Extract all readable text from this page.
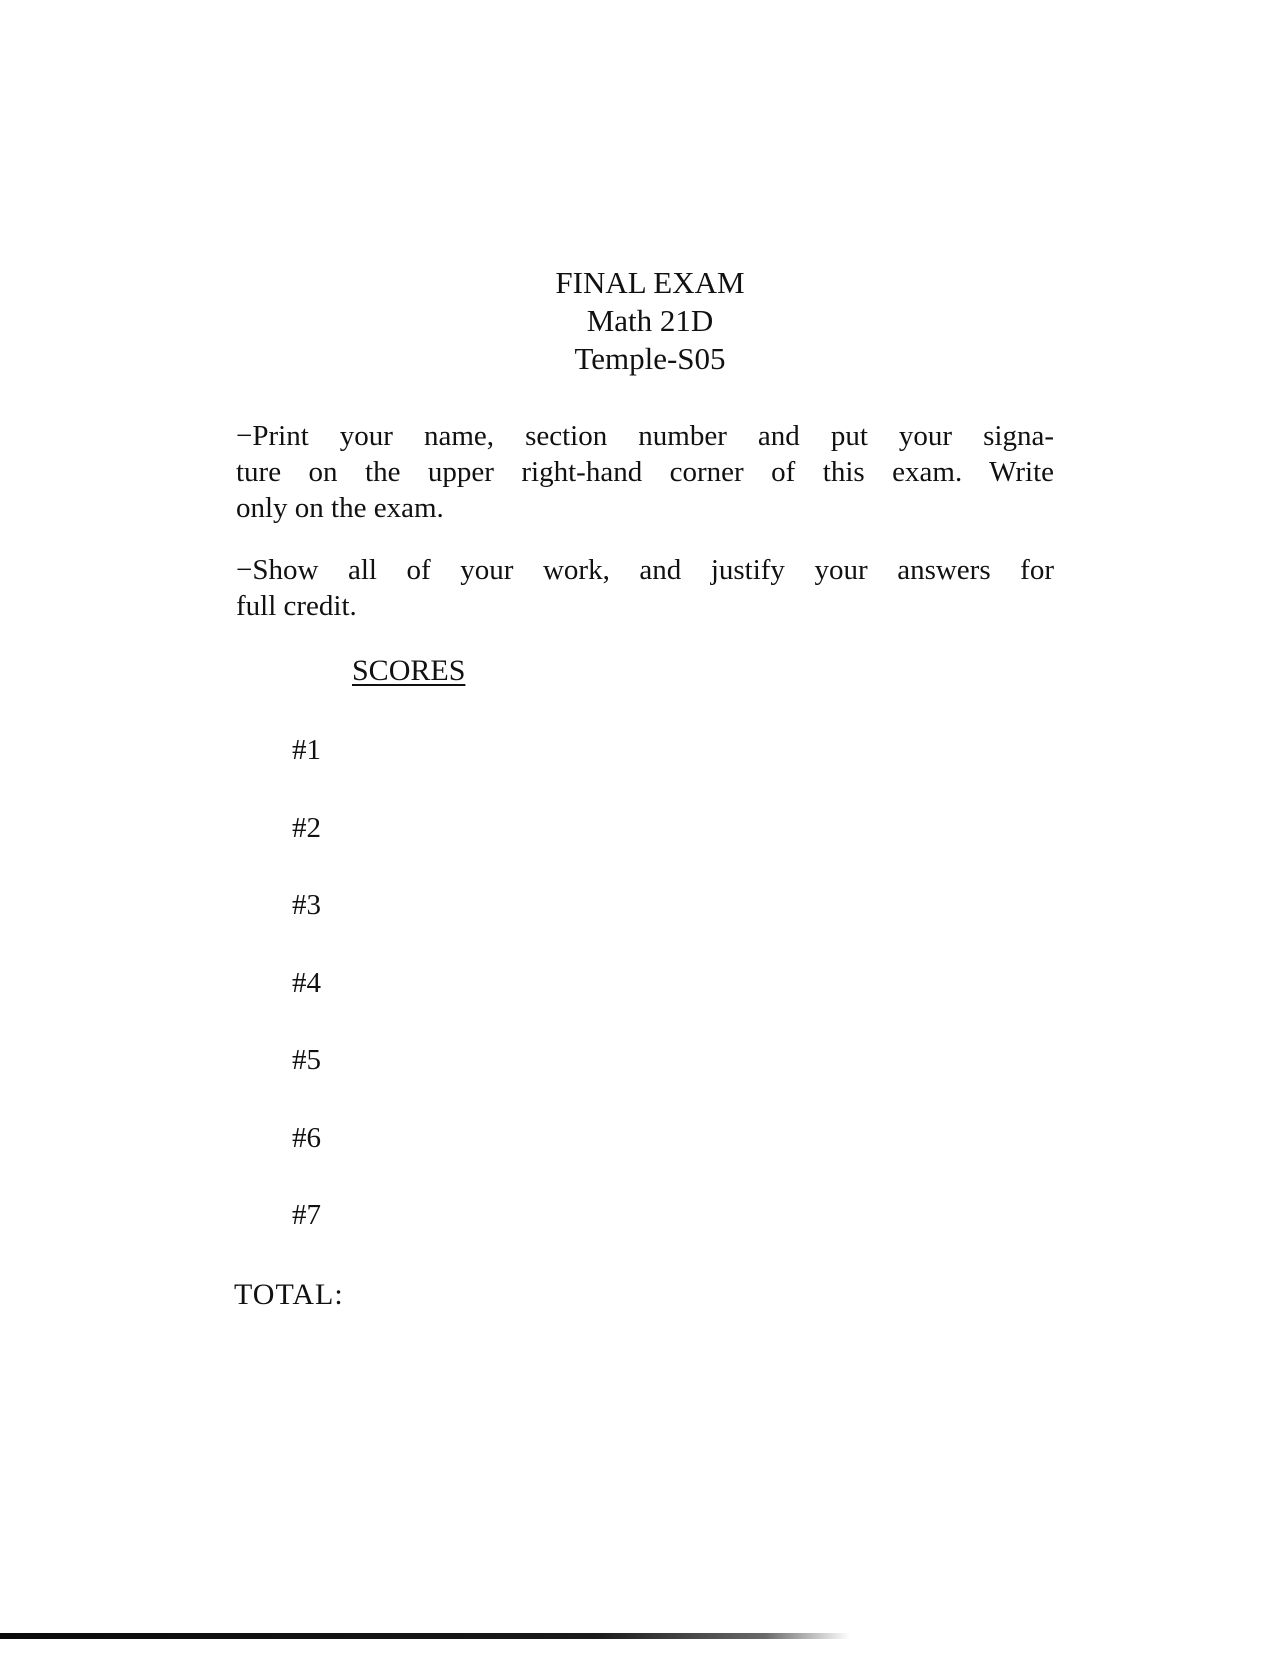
FINAL EXAM
Math 21D
Temple-S05

−Print your name, section number and put your signa-
ture on the upper right-hand corner of this exam. Write
only on the exam.

−Show all of your work, and justify your answers for
full credit.

SCORES
#1
#2
#3
#4
#5
#6
#7
TOTAL:
